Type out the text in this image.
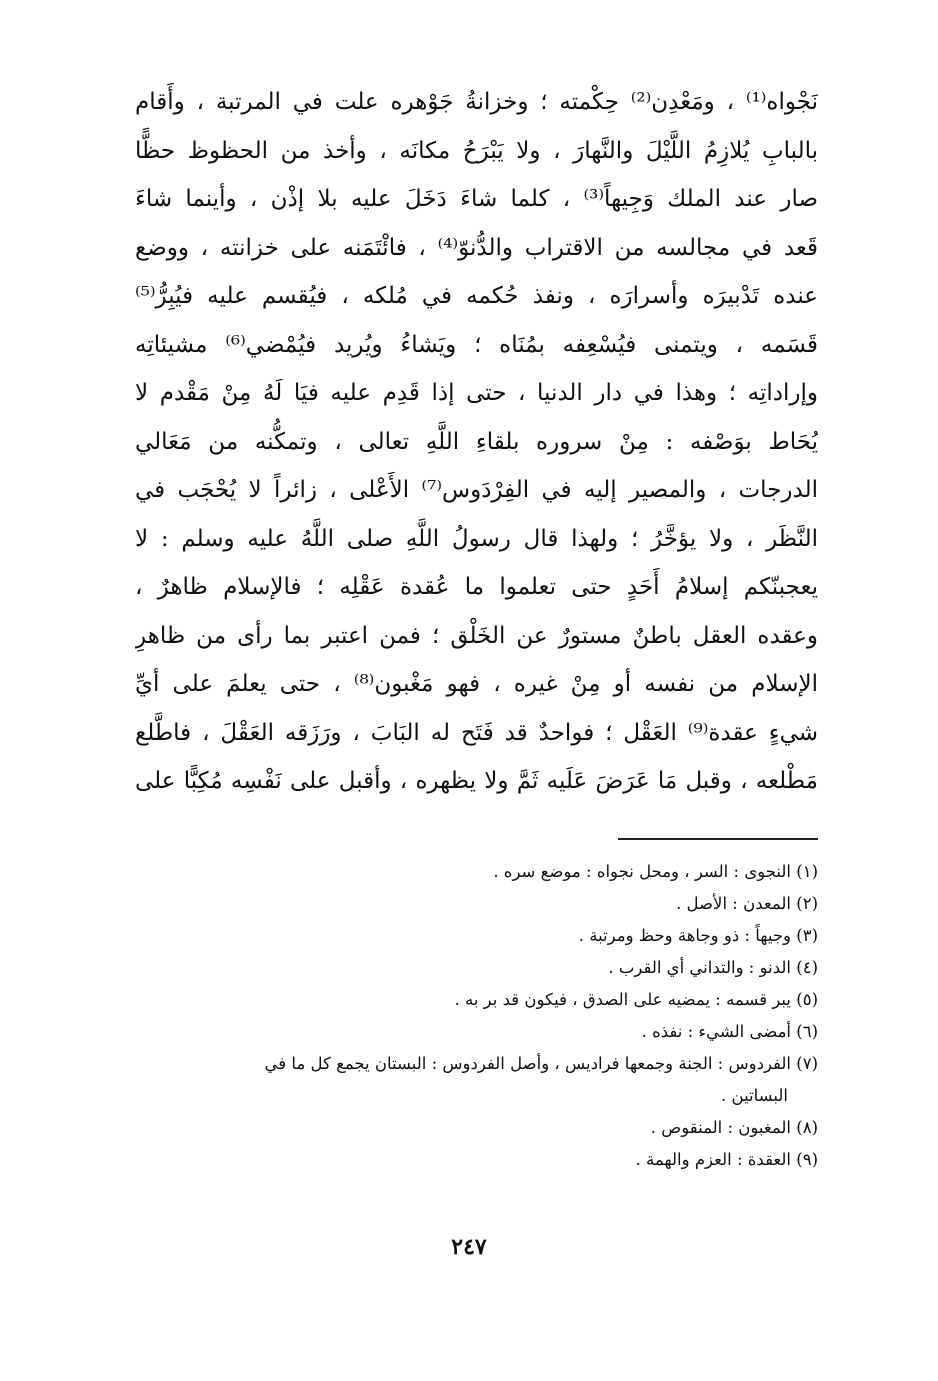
نَجْواه⁽¹⁾ ، ومَعْدِن⁽²⁾ حِكْمته ؛ وخزانةُ جَوْهره علت في المرتبة ، وأَقام
بالبابِ يُلازِمُ اللَّيْلَ والنَّهارَ ، ولا يَبْرَحُ مكانَه ، وأخذ من الحظوظ حظًّا
صار عند الملك وَجِيهاً⁽³⁾ ، كلما شاءَ دَخَلَ عليه بلا إذْن ، وأينما شاءَ
قَعد في مجالسه من الاقتراب والدُّنوّ⁽⁴⁾ ، فائْتَمَنه على خزانته ، ووضع
عنده تَدْبيرَه وأسرارَه ، ونفذ حُكمه في مُلكه ، فيُقسم عليه فيُبِرُّ⁽⁵⁾
قَسَمه ، ويتمنى فيُسْعِفه بمُنَاه ؛ ويَشاءُ ويُريد فيُمْضي⁽⁶⁾ مشيئاتِه
وإراداتِه ؛ وهذا في دار الدنيا ، حتى إذا قَدِم عليه فيَا لَهُ مِنْ مَقْدم لا
يُحَاط بوَصْفه : مِنْ سروره بلقاءِ اللَّهِ تعالى ، وتمكُّنه من مَعَالي
الدرجات ، والمصير إليه في الفِرْدَوس⁽⁷⁾ الأَعْلى ، زائراً لا يُحْجَب في
النَّظَر ، ولا يؤخَّرُ ؛ ولهذا قال رسولُ اللَّهِ صلى اللَّهُ عليه وسلم : لا
يعجبنّكم إسلامُ أَحَدٍ حتى تعلموا ما عُقدة عَقْلِه ؛ فالإسلام ظاهرٌ ،
وعقده العقل باطنٌ مستورٌ عن الخَلْق ؛ فمن اعتبر بما رأى من ظاهرِ
الإسلام من نفسه أو مِنْ غيره ، فهو مَغْبون⁽⁸⁾ ، حتى يعلمَ على أيِّ
شيءٍ عقدة⁽⁹⁾ العَقْل ؛ فواحدٌ قد فَتَح له البَابَ ، ورَزَقه العَقْلَ ، فاطَّلع
مَطْلعه ، وقبل مَا عَرَضَ عَلَيه ثَمَّ ولا يظهره ، وأقبل على نَفْسِه مُكِبًّا على
(١) النجوى : السر ، ومحل نجواه : موضع سره .
(٢) المعدن : الأصل .
(٣) وجيهاً : ذو وجاهة وحظ ومرتبة .
(٤) الدنو : والتداني أي القرب .
(٥) يبر قسمه : يمضيه على الصدق ، فيكون قد بر به .
(٦) أمضى الشيء : نفذه .
(٧) الفردوس : الجنة وجمعها فراديس ، وأصل الفردوس : البستان يجمع كل ما في
البساتين .
(٨) المغبون : المنقوص .
(٩) العقدة : العزم والهمة .
٢٤٧
